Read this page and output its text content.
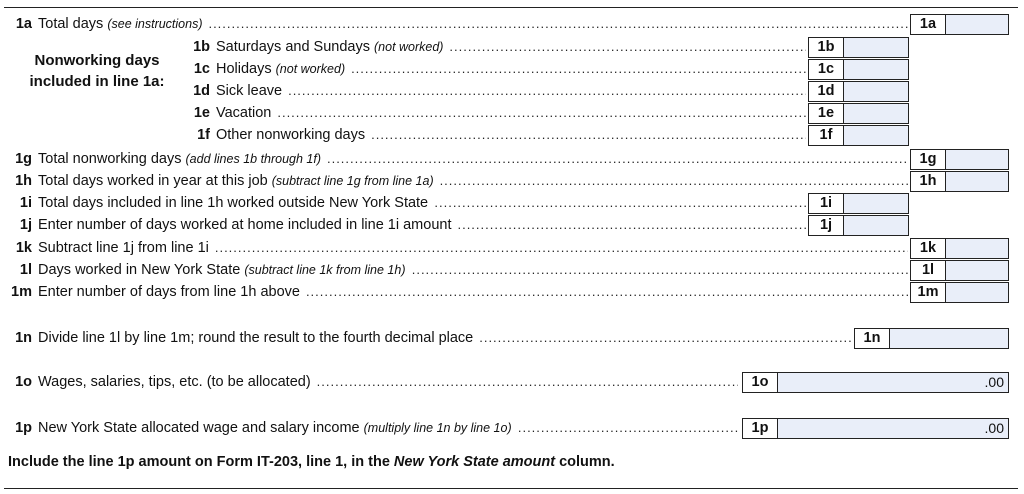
Nonworking days included in line 1a:
1a Total days (see instructions) .....	1a
1b Saturdays and Sundays (not worked) .....	1b
1c Holidays (not worked) .....	1c
1d Sick leave .....	1d
1e Vacation .....	1e
1f Other nonworking days .....	1f
1g Total nonworking days (add lines 1b through 1f) .....	1g
1h Total days worked in year at this job (subtract line 1g from line 1a) .....	1h
1i Total days included in line 1h worked outside New York State .....	1i
1j Enter number of days worked at home included in line 1i amount .....	1j
1k Subtract line 1j from line 1i .....	1k
1l Days worked in New York State (subtract line 1k from line 1h) .....	1l
1m Enter number of days from line 1h above .....	1m
1n Divide line 1l by line 1m; round the result to the fourth decimal place .....	1n
1o Wages, salaries, tips, etc. (to be allocated) .....	1o	.00
1p New York State allocated wage and salary income (multiply line 1n by line 1o) .....	1p	.00
Include the line 1p amount on Form IT-203, line 1, in the New York State amount column.
